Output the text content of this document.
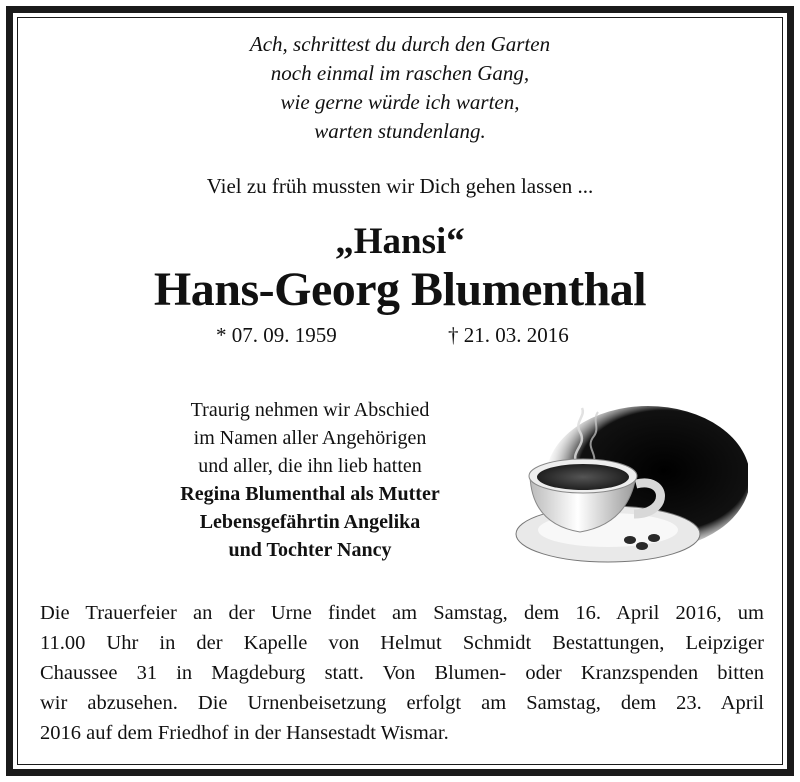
Ach, schrittest du durch den Garten
noch einmal im raschen Gang,
wie gerne würde ich warten,
warten stundenlang.
Viel zu früh mussten wir Dich gehen lassen ...
„Hansi“
Hans-Georg Blumenthal
* 07. 09. 1959	† 21. 03. 2016
Traurig nehmen wir Abschied
im Namen aller Angehörigen
und aller, die ihn lieb hatten
Regina Blumenthal als Mutter
Lebensgefährtin Angelika
und Tochter Nancy
Die Trauerfeier an der Urne findet am Samstag, dem 16. April 2016, um
11.00 Uhr in der Kapelle von Helmut Schmidt Bestattungen, Leipziger
Chaussee 31 in Magdeburg statt. Von Blumen- oder Kranzspenden bitten
wir abzusehen. Die Urnenbeisetzung erfolgt am Samstag, dem 23. April
2016 auf dem Friedhof in der Hansestadt Wismar.
